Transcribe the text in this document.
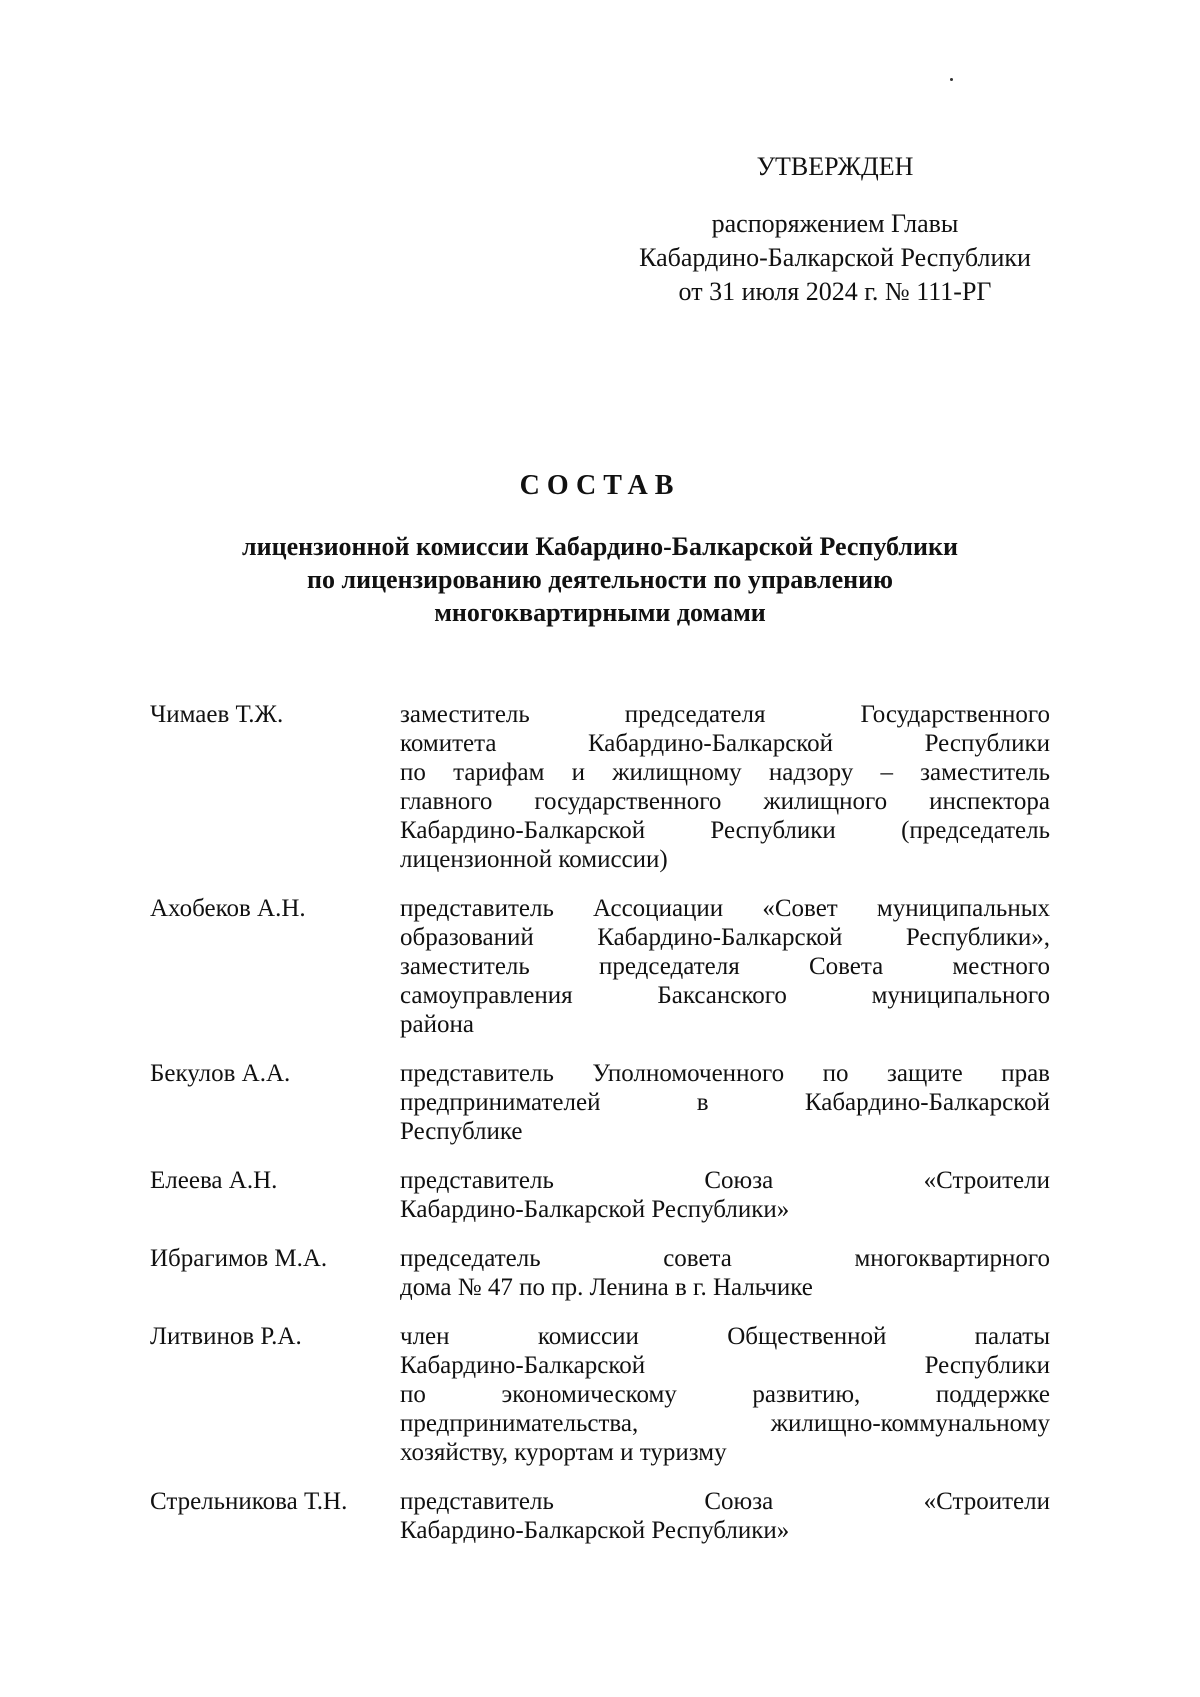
УТВЕРЖДЕН
распоряжением Главы
Кабардино-Балкарской Республики
от 31 июля 2024 г. № 111-РГ
СОСТАВ
лицензионной комиссии Кабардино-Балкарской Республики
по лицензированию деятельности по управлению
многоквартирными домами
Чимаев Т.Ж.	заместитель председателя Государственного
комитета Кабардино-Балкарской Республики
по тарифам и жилищному надзору – заместитель
главного государственного жилищного инспектора
Кабардино-Балкарской Республики (председатель
лицензионной комиссии)
Ахобеков А.Н.	представитель Ассоциации «Совет муниципальных
образований Кабардино-Балкарской Республики»,
заместитель председателя Совета местного
самоуправления Баксанского муниципального
района
Бекулов А.А.	представитель Уполномоченного по защите прав
предпринимателей в Кабардино-Балкарской
Республике
Елеева А.Н.	представитель Союза «Строители
Кабардино-Балкарской Республики»
Ибрагимов М.А.	председатель совета многоквартирного
дома № 47 по пр. Ленина в г. Нальчике
Литвинов Р.А.	член комиссии Общественной палаты
Кабардино-Балкарской Республики
по экономическому развитию, поддержке
предпринимательства, жилищно-коммунальному
хозяйству, курортам и туризму
Стрельникова Т.Н.	представитель Союза «Строители
Кабардино-Балкарской Республики»
